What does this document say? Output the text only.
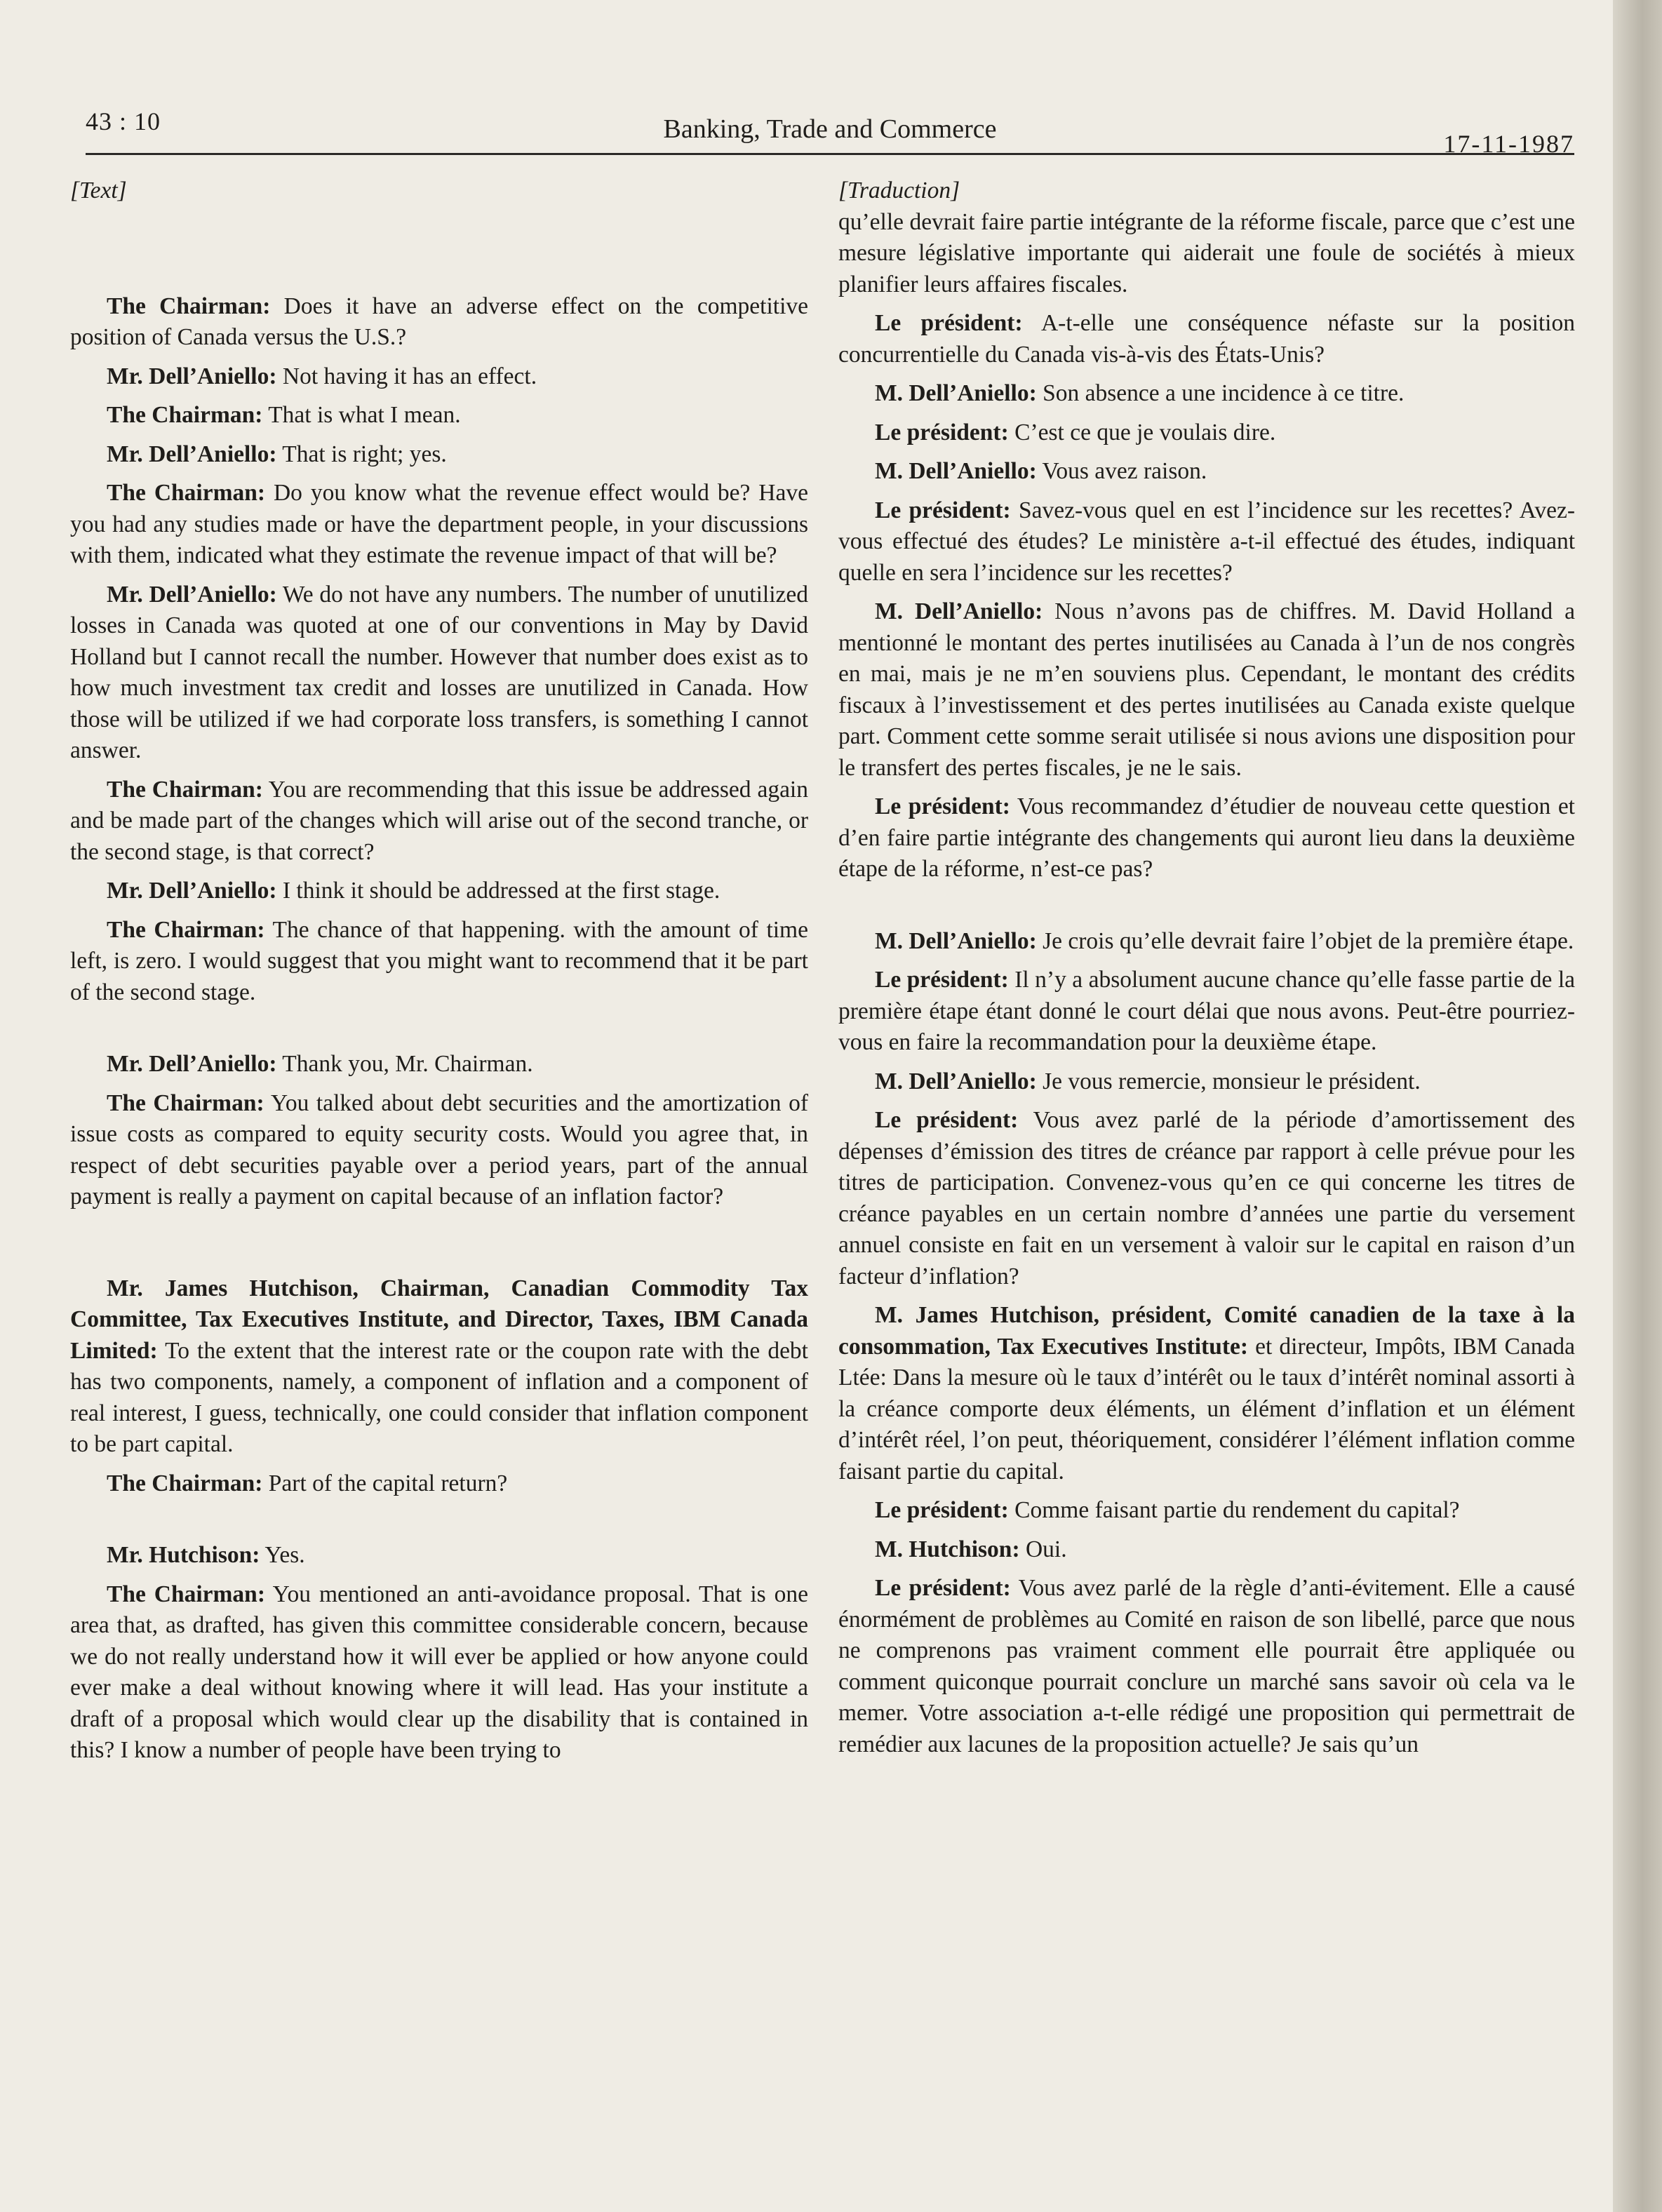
43 : 10	Banking, Trade and Commerce	17-11-1987
[Text]

The Chairman: Does it have an adverse effect on the competitive position of Canada versus the U.S.?

Mr. Dell’Aniello: Not having it has an effect.

The Chairman: That is what I mean.

Mr. Dell’Aniello: That is right; yes.

The Chairman: Do you know what the revenue effect would be? Have you had any studies made or have the department people, in your discussions with them, indicated what they estimate the revenue impact of that will be?

Mr. Dell’Aniello: We do not have any numbers. The number of unutilized losses in Canada was quoted at one of our conventions in May by David Holland but I cannot recall the number. However that number does exist as to how much investment tax credit and losses are unutilized in Canada. How those will be utilized if we had corporate loss transfers, is something I cannot answer.

The Chairman: You are recommending that this issue be addressed again and be made part of the changes which will arise out of the second tranche, or the second stage, is that correct?

Mr. Dell’Aniello: I think it should be addressed at the first stage.

The Chairman: The chance of that happening. with the amount of time left, is zero. I would suggest that you might want to recommend that it be part of the second stage.

Mr. Dell’Aniello: Thank you, Mr. Chairman.

The Chairman: You talked about debt securities and the amortization of issue costs as compared to equity security costs. Would you agree that, in respect of debt securities payable over a period years, part of the annual payment is really a payment on capital because of an inflation factor?

Mr. James Hutchison, Chairman, Canadian Commodity Tax Committee, Tax Executives Institute, and Director, Taxes, IBM Canada Limited: To the extent that the interest rate or the coupon rate with the debt has two components, namely, a component of inflation and a component of real interest, I guess, technically, one could consider that inflation component to be part capital.

The Chairman: Part of the capital return?

Mr. Hutchison: Yes.

The Chairman: You mentioned an anti-avoidance proposal. That is one area that, as drafted, has given this committee considerable concern, because we do not really understand how it will ever be applied or how anyone could ever make a deal without knowing where it will lead. Has your institute a draft of a proposal which would clear up the disability that is contained in this? I know a number of people have been trying to

[Traduction]

qu’elle devrait faire partie intégrante de la réforme fiscale, parce que c’est une mesure législative importante qui aiderait une foule de sociétés à mieux planifier leurs affaires fiscales.

Le président: A-t-elle une conséquence néfaste sur la position concurrentielle du Canada vis-à-vis des États-Unis?

M. Dell’Aniello: Son absence a une incidence à ce titre.

Le président: C’est ce que je voulais dire.

M. Dell’Aniello: Vous avez raison.

Le président: Savez-vous quel en est l’incidence sur les recettes? Avez-vous effectué des études? Le ministère a-t-il effectué des études, indiquant quelle en sera l’incidence sur les recettes?

M. Dell’Aniello: Nous n’avons pas de chiffres. M. David Holland a mentionné le montant des pertes inutilisées au Canada à l’un de nos congrès en mai, mais je ne m’en souviens plus. Cependant, le montant des crédits fiscaux à l’investissement et des pertes inutilisées au Canada existe quelque part. Comment cette somme serait utilisée si nous avions une disposition pour le transfert des pertes fiscales, je ne le sais.

Le président: Vous recommandez d’étudier de nouveau cette question et d’en faire partie intégrante des changements qui auront lieu dans la deuxième étape de la réforme, n’est-ce pas?

M. Dell’Aniello: Je crois qu’elle devrait faire l’objet de la première étape.

Le président: Il n’y a absolument aucune chance qu’elle fasse partie de la première étape étant donné le court délai que nous avons. Peut-être pourriez-vous en faire la recommandation pour la deuxième étape.

M. Dell’Aniello: Je vous remercie, monsieur le président.

Le président: Vous avez parlé de la période d’amortissement des dépenses d’émission des titres de créance par rapport à celle prévue pour les titres de participation. Convenez-vous qu’en ce qui concerne les titres de créance payables en un certain nombre d’années une partie du versement annuel consiste en fait en un versement à valoir sur le capital en raison d’un facteur d’inflation?

M. James Hutchison, président, Comité canadien de la taxe à la consommation, Tax Executives Institute: et directeur, Impôts, IBM Canada Ltée: Dans la mesure où le taux d’intérêt ou le taux d’intérêt nominal assorti à la créance comporte deux éléments, un élément d’inflation et un élément d’intérêt réel, l’on peut, théoriquement, considérer l’élément inflation comme faisant partie du capital.

Le président: Comme faisant partie du rendement du capital?

M. Hutchison: Oui.

Le président: Vous avez parlé de la règle d’anti-évitement. Elle a causé énormément de problèmes au Comité en raison de son libellé, parce que nous ne comprenons pas vraiment comment elle pourrait être appliquée ou comment quiconque pourrait conclure un marché sans savoir où cela va le memer. Votre association a-t-elle rédigé une proposition qui permettrait de remédier aux lacunes de la proposition actuelle? Je sais qu’un
